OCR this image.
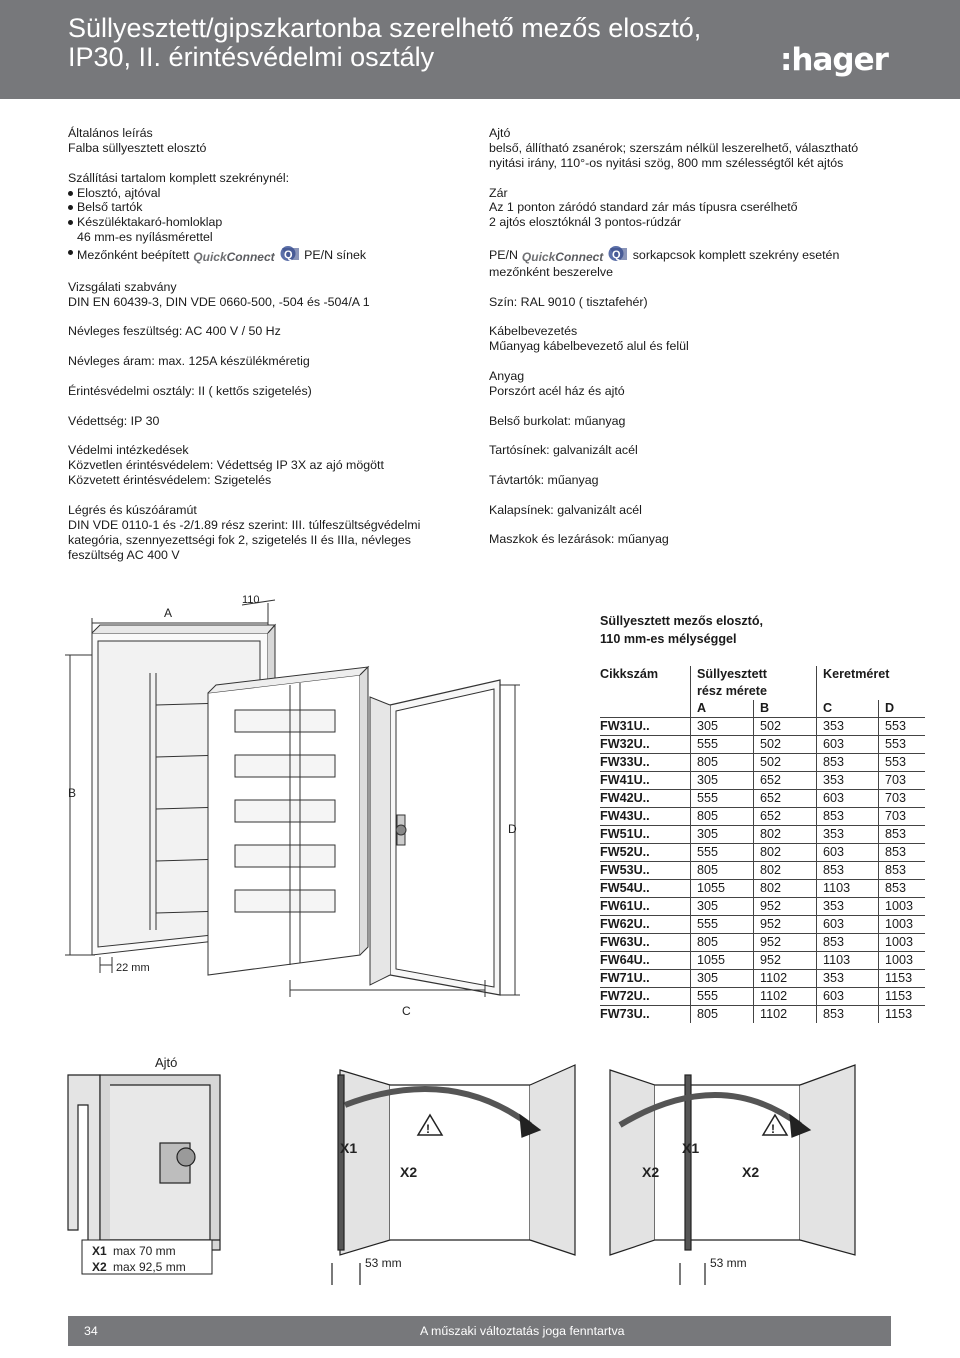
Süllyesztett/gipszkartonba szerelhető mezős elosztó,
IP30, II. érintésvédelmi osztály	:hager

Általános leírás
Falba süllyesztett elosztó

Szállítási tartalom komplett szekrénynél:
Elosztó, ajtóval
Belső tartók
Készüléktakaró-homloklap
46 mm-es nyílásmérettel
Mezőnként beépített QuickConnect Q PE/N sínek

Vizsgálati szabvány
DIN EN 60439-3, DIN VDE 0660-500, -504 és -504/A 1

Névleges feszültség: AC 400 V / 50 Hz

Névleges áram: max. 125A készülékméretig

Érintésvédelmi osztály: II ( kettős szigetelés)

Védettség: IP 30

Védelmi intézkedések
Közvetlen érintésvédelem: Védettség IP 3X az ajó mögött
Közvetett érintésvédelem: Szigetelés

Légrés és kúszóáramút
DIN VDE 0110-1 és -2/1.89 rész szerint: III. túlfeszültségvédelmi kategória, szennyezettségi fok 2, szigetelés II és IIIa, névleges feszültség AC 400 V

Ajtó
belső, állítható zsanérok; szerszám nélkül leszerelhető, választható nyitási irány, 110°-os nyitási szög, 800 mm szélességtől két ajtós

Zár
Az 1 ponton záródó standard zár más típusra cserélhető
2 ajtós elosztóknál 3 pontos-rúdzár

PE/N QuickConnect Q sorkapcsok komplett szekrény esetén
mezőnként beszerelve

Szín: RAL 9010 ( tisztafehér)

Kábelbevezetés
Műanyag kábelbevezető alul és felül

Anyag
Porszórt acél ház és ajtó

Belső burkolat: műanyag

Tartósínek: galvanizált acél

Távtartók: műanyag

Kalapsínek: galvanizált acél

Maszkok és lezárások: műanyag

A
110
B
D
C
22 mm
Süllyesztett mezős elosztó,
110 mm-es mélységgel
Cikkszám	Süllyesztett		Keretméret	
	rész mérete			
	A	B	C	D
FW31U..	305	502	353	553
FW32U..	555	502	603	553
FW33U..	805	502	853	553
FW41U..	305	652	353	703
FW42U..	555	652	603	703
FW43U..	805	652	853	703
FW51U..	305	802	353	853
FW52U..	555	802	603	853
FW53U..	805	802	853	853
FW54U..	1055	802	1103	853
FW61U..	305	952	353	1003
FW62U..	555	952	603	1003
FW63U..	805	952	853	1003
FW64U..	1055	952	1103	1003
FW71U..	305	1102	353	1153
FW72U..	555	1102	603	1153
FW73U..	805	1102	853	1153
Ajtó
X1 max 70 mm
X2 max 92,5 mm
X1
X2
!
53 mm
X2
X1
X2
!
53 mm
34	A műszaki változtatás joga fenntartva
